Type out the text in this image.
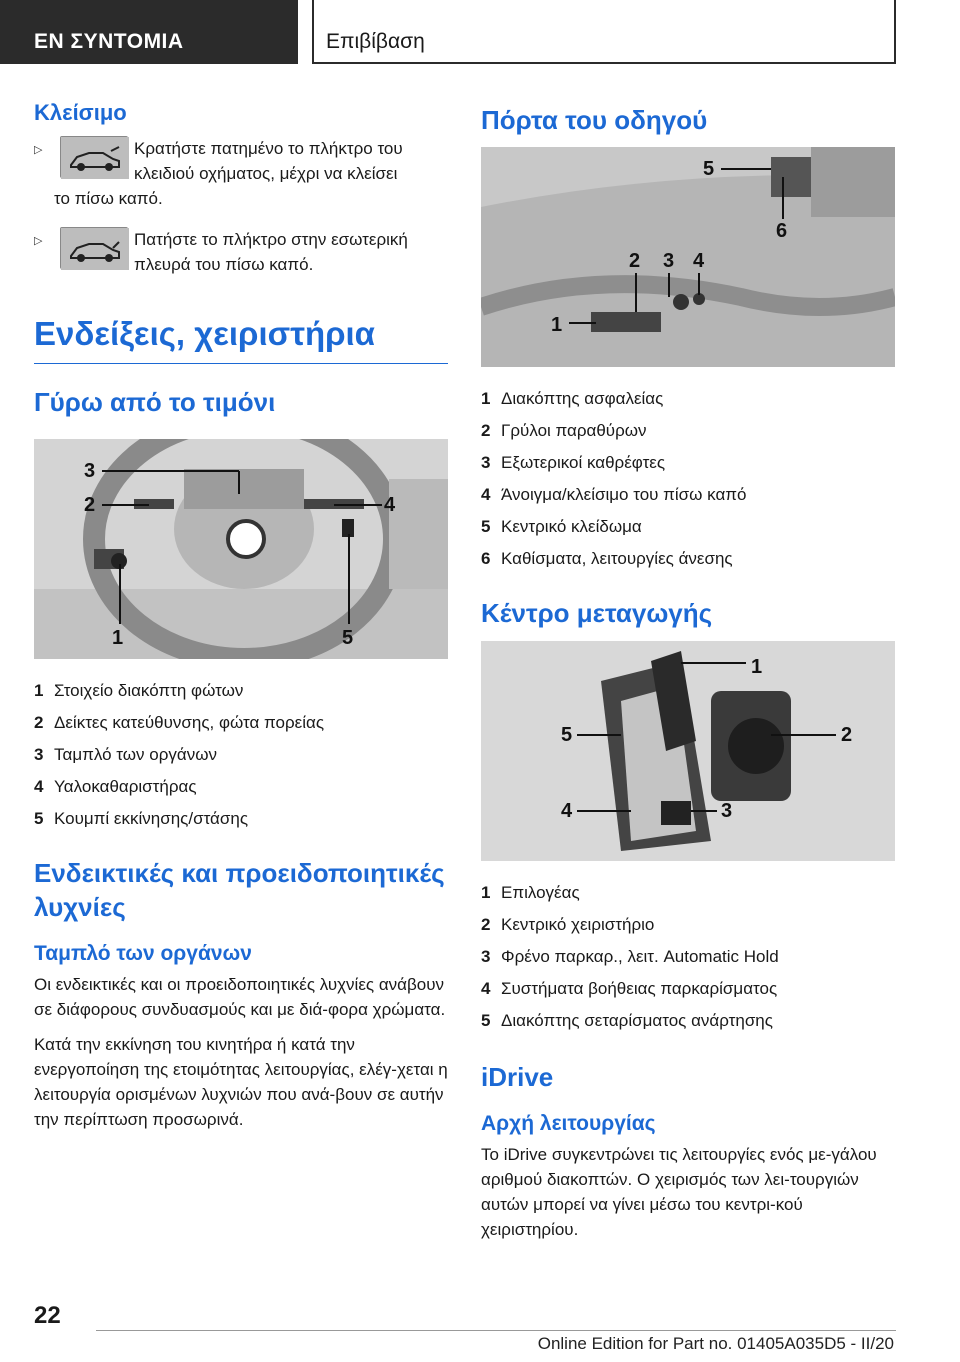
ΕΝ ΣΥΝΤΟΜΙΑ	Επιβίβαση
Κλείσιμο
▷	Κρατήστε πατημένο το πλήκτρο του κλειδιού οχήματος, μέχρι να κλείσει
το πίσω καπό.
▷	Πατήστε το πλήκτρο στην εσωτερική πλευρά του πίσω καπό.
Ενδείξεις, χειριστήρια
Γύρω από το τιμόνι
3
2	4
1	5
1 Στοιχείο διακόπτη φώτων
2 Δείκτες κατεύθυνσης, φώτα πορείας
3 Ταμπλό των οργάνων
4 Υαλοκαθαριστήρας
5 Κουμπί εκκίνησης/στάσης
Ενδεικτικές και προειδοποιητικές λυχνίες
Ταμπλό των οργάνων

Οι ενδεικτικές και οι προειδοποιητικές λυχνίες ανάβουν σε διάφορους συνδυασμούς και με διά-φορα χρώματα.

Κατά την εκκίνηση του κινητήρα ή κατά την ενεργοποίηση της ετοιμότητας λειτουργίας, ελέγ-χεται η λειτουργία ορισμένων λυχνιών που ανά-βουν σε αυτήν την περίπτωση προσωρινά.

Πόρτα του οδηγού
5
6
2 3 4
1
1 Διακόπτης ασφαλείας
2 Γρύλοι παραθύρων
3 Εξωτερικοί καθρέφτες
4 Άνοιγμα/κλείσιμο του πίσω καπό
5 Κεντρικό κλείδωμα
6 Καθίσματα, λειτουργίες άνεσης
Κέντρο μεταγωγής
1
2
3
4
5
1 Επιλογέας
2 Κεντρικό χειριστήριο
3 Φρένο παρκαρ., λειτ. Automatic Hold
4 Συστήματα βοήθειας παρκαρίσματος
5 Διακόπτης σεταρίσματος ανάρτησης
iDrive
Αρχή λειτουργίας

Το iDrive συγκεντρώνει τις λειτουργίες ενός με-γάλου αριθμού διακοπτών. Ο χειρισμός των λει-τουργιών αυτών μπορεί να γίνει μέσω του κεντρι-κού χειριστηρίου.

22
Online Edition for Part no. 01405A035D5 - II/20
